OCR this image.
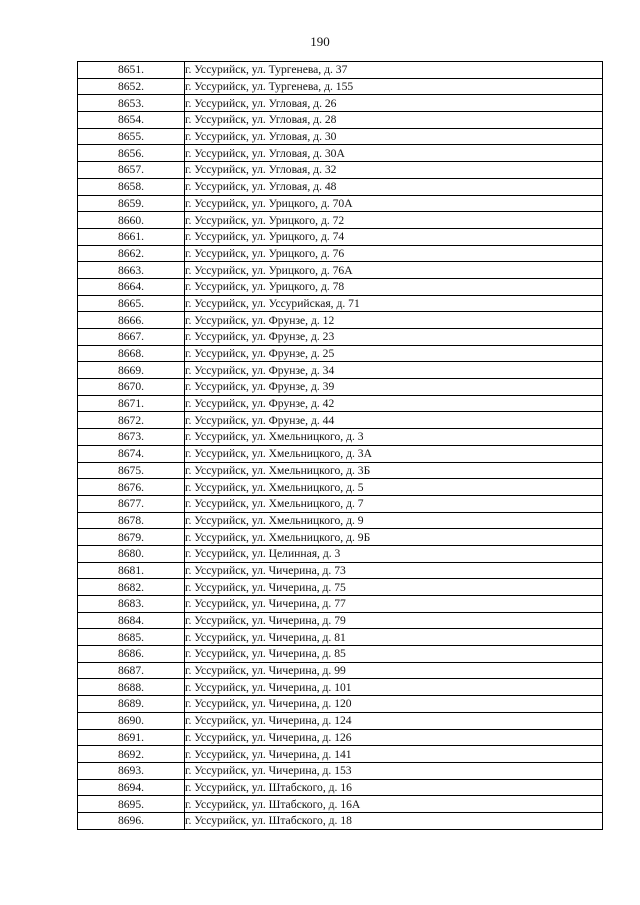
190
8651.	г. Уссурийск, ул. Тургенева, д. 37
8652.	г. Уссурийск, ул. Тургенева, д. 155
8653.	г. Уссурийск, ул. Угловая, д. 26
8654.	г. Уссурийск, ул. Угловая, д. 28
8655.	г. Уссурийск, ул. Угловая, д. 30
8656.	г. Уссурийск, ул. Угловая, д. 30А
8657.	г. Уссурийск, ул. Угловая, д. 32
8658.	г. Уссурийск, ул. Угловая, д. 48
8659.	г. Уссурийск, ул. Урицкого, д. 70А
8660.	г. Уссурийск, ул. Урицкого, д. 72
8661.	г. Уссурийск, ул. Урицкого, д. 74
8662.	г. Уссурийск, ул. Урицкого, д. 76
8663.	г. Уссурийск, ул. Урицкого, д. 76А
8664.	г. Уссурийск, ул. Урицкого, д. 78
8665.	г. Уссурийск, ул. Уссурийская, д. 71
8666.	г. Уссурийск, ул. Фрунзе, д. 12
8667.	г. Уссурийск, ул. Фрунзе, д. 23
8668.	г. Уссурийск, ул. Фрунзе, д. 25
8669.	г. Уссурийск, ул. Фрунзе, д. 34
8670.	г. Уссурийск, ул. Фрунзе, д. 39
8671.	г. Уссурийск, ул. Фрунзе, д. 42
8672.	г. Уссурийск, ул. Фрунзе, д. 44
8673.	г. Уссурийск, ул. Хмельницкого, д. 3
8674.	г. Уссурийск, ул. Хмельницкого, д. 3А
8675.	г. Уссурийск, ул. Хмельницкого, д. 3Б
8676.	г. Уссурийск, ул. Хмельницкого, д. 5
8677.	г. Уссурийск, ул. Хмельницкого, д. 7
8678.	г. Уссурийск, ул. Хмельницкого, д. 9
8679.	г. Уссурийск, ул. Хмельницкого, д. 9Б
8680.	г. Уссурийск, ул. Целинная, д. 3
8681.	г. Уссурийск, ул. Чичерина, д. 73
8682.	г. Уссурийск, ул. Чичерина, д. 75
8683.	г. Уссурийск, ул. Чичерина, д. 77
8684.	г. Уссурийск, ул. Чичерина, д. 79
8685.	г. Уссурийск, ул. Чичерина, д. 81
8686.	г. Уссурийск, ул. Чичерина, д. 85
8687.	г. Уссурийск, ул. Чичерина, д. 99
8688.	г. Уссурийск, ул. Чичерина, д. 101
8689.	г. Уссурийск, ул. Чичерина, д. 120
8690.	г. Уссурийск, ул. Чичерина, д. 124
8691.	г. Уссурийск, ул. Чичерина, д. 126
8692.	г. Уссурийск, ул. Чичерина, д. 141
8693.	г. Уссурийск, ул. Чичерина, д. 153
8694.	г. Уссурийск, ул. Штабского, д. 16
8695.	г. Уссурийск, ул. Штабского, д. 16А
8696.	г. Уссурийск, ул. Штабского, д. 18
